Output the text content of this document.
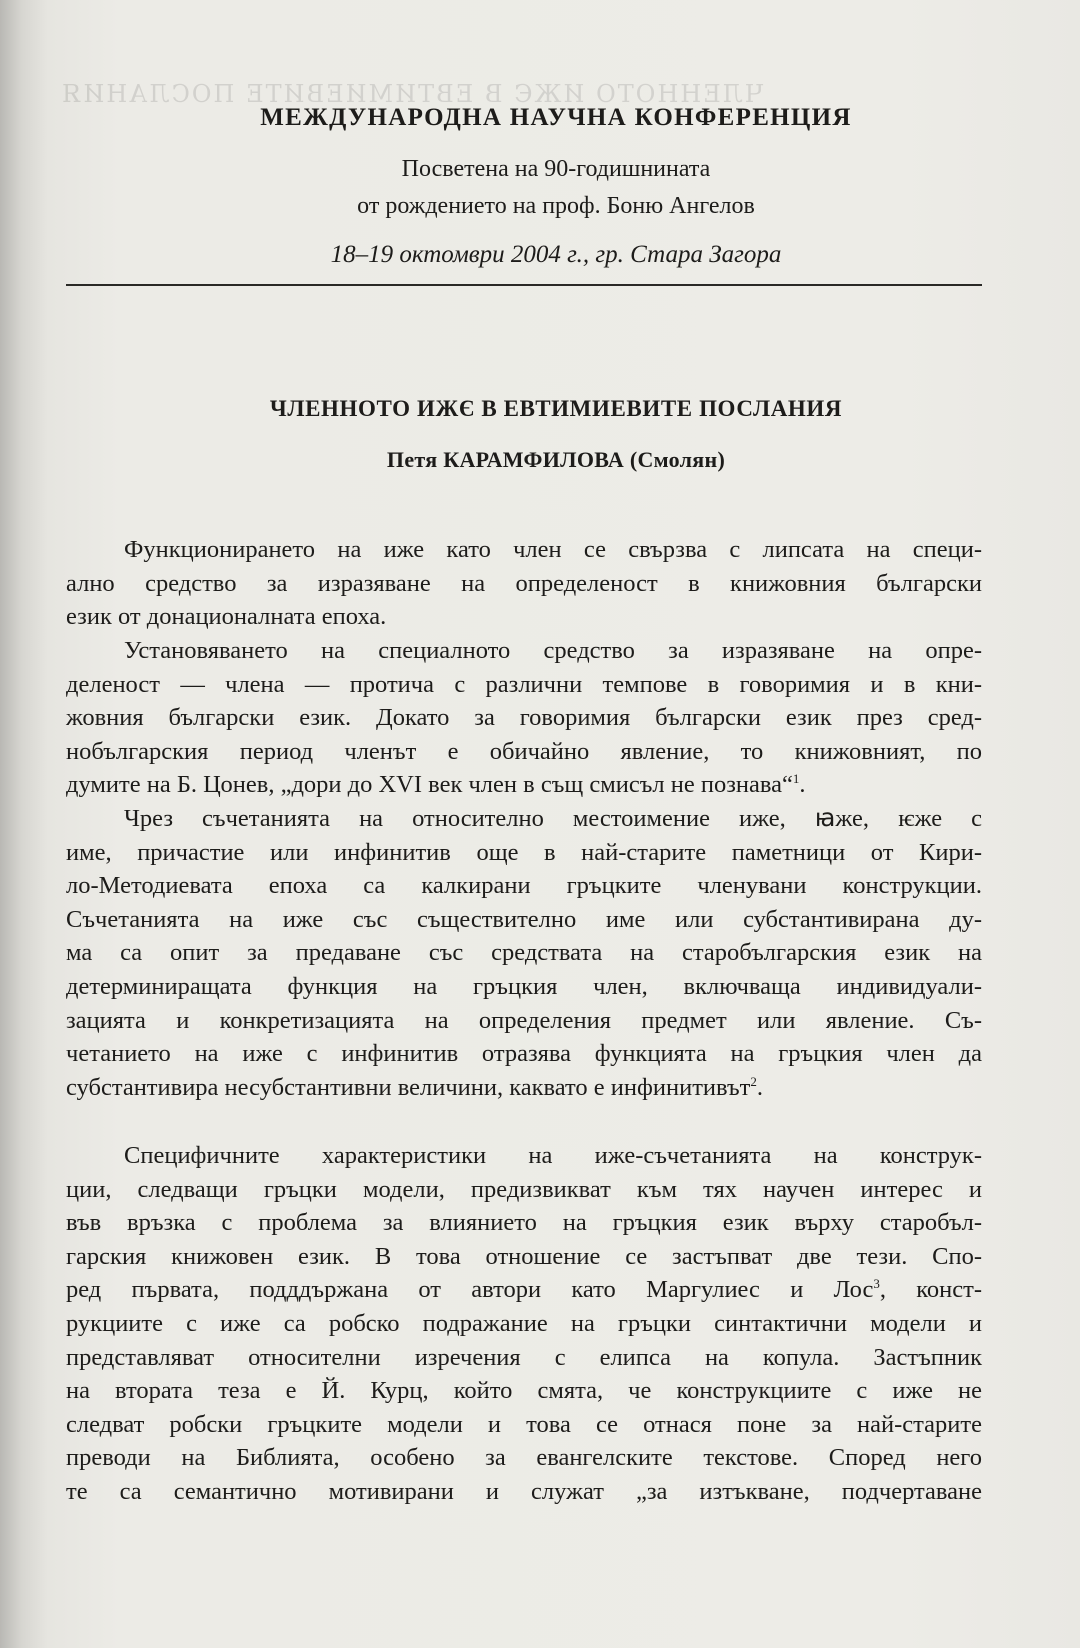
ЧЛЕННОТО ИЖЄ В ЕВТИМИЕВИТЕ ПОСЛАНИЯ
МЕЖДУНАРОДНА НАУЧНА КОНФЕРЕНЦИЯ

Посветена на 90-годишнината

от рождението на проф. Боню Ангелов

18–19 октомври 2004 г., гр. Стара Загора

ЧЛЕННОТО ИЖЄ В ЕВТИМИЕВИТЕ ПОСЛАНИЯ

Петя КАРАМФИЛОВА (Смолян)

Функционирането на иже като член се свързва с липсата на специ-
ално средство за изразяване на определеност в книжовния български
език от донационалната епоха.

Установяването на специалното средство за изразяване на опре-
деленост — члена — протича с различни темпове в говоримия и в кни-
жовния български език. Докато за говоримия български език през сред-
нобългарския период членът е обичайно явление, то книжовният, по
думите на Б. Цонев, „дори до XVI век член в същ смисъл не познава“$^1$.

Чрез съчетанията на относително местоимение иже, ꙗже, ѥже с
име, причастие или инфинитив още в най-старите паметници от Кири-
ло-Методиевата епоха са калкирани гръцките членувани конструкции.
Съчетанията на иже със съществително име или субстантивирана ду-
ма са опит за предаване със средствата на старобългарския език на
детерминиращата функция на гръцкия член, включваща индивидуали-
зацията и конкретизацията на определения предмет или явление. Съ-
четанието на иже с инфинитив отразява функцията на гръцкия член да
субстантивира несубстантивни величини, каквато е инфинитивът$^2$.

Специфичните характеристики на иже-съчетанията на конструк-
ции, следващи гръцки модели, предизвикват към тях научен интерес и
във връзка с проблема за влиянието на гръцкия език върху старобъл-
гарския книжовен език. В това отношение се застъпват две тези. Спо-
ред първата, подддържана от автори като Маргулиес и Лос$^3$, конст-
рукциите с иже са робско подражание на гръцки синтактични модели и
представляват относителни изречения с елипса на копула. Застъпник
на втората теза е Й. Курц, който смята, че конструкциите с иже не
следват робски гръцките модели и това се отнася поне за най-старите
преводи на Библията, особено за евангелските текстове. Според него
те са семантично мотивирани и служат „за изтъкване, подчертаване
